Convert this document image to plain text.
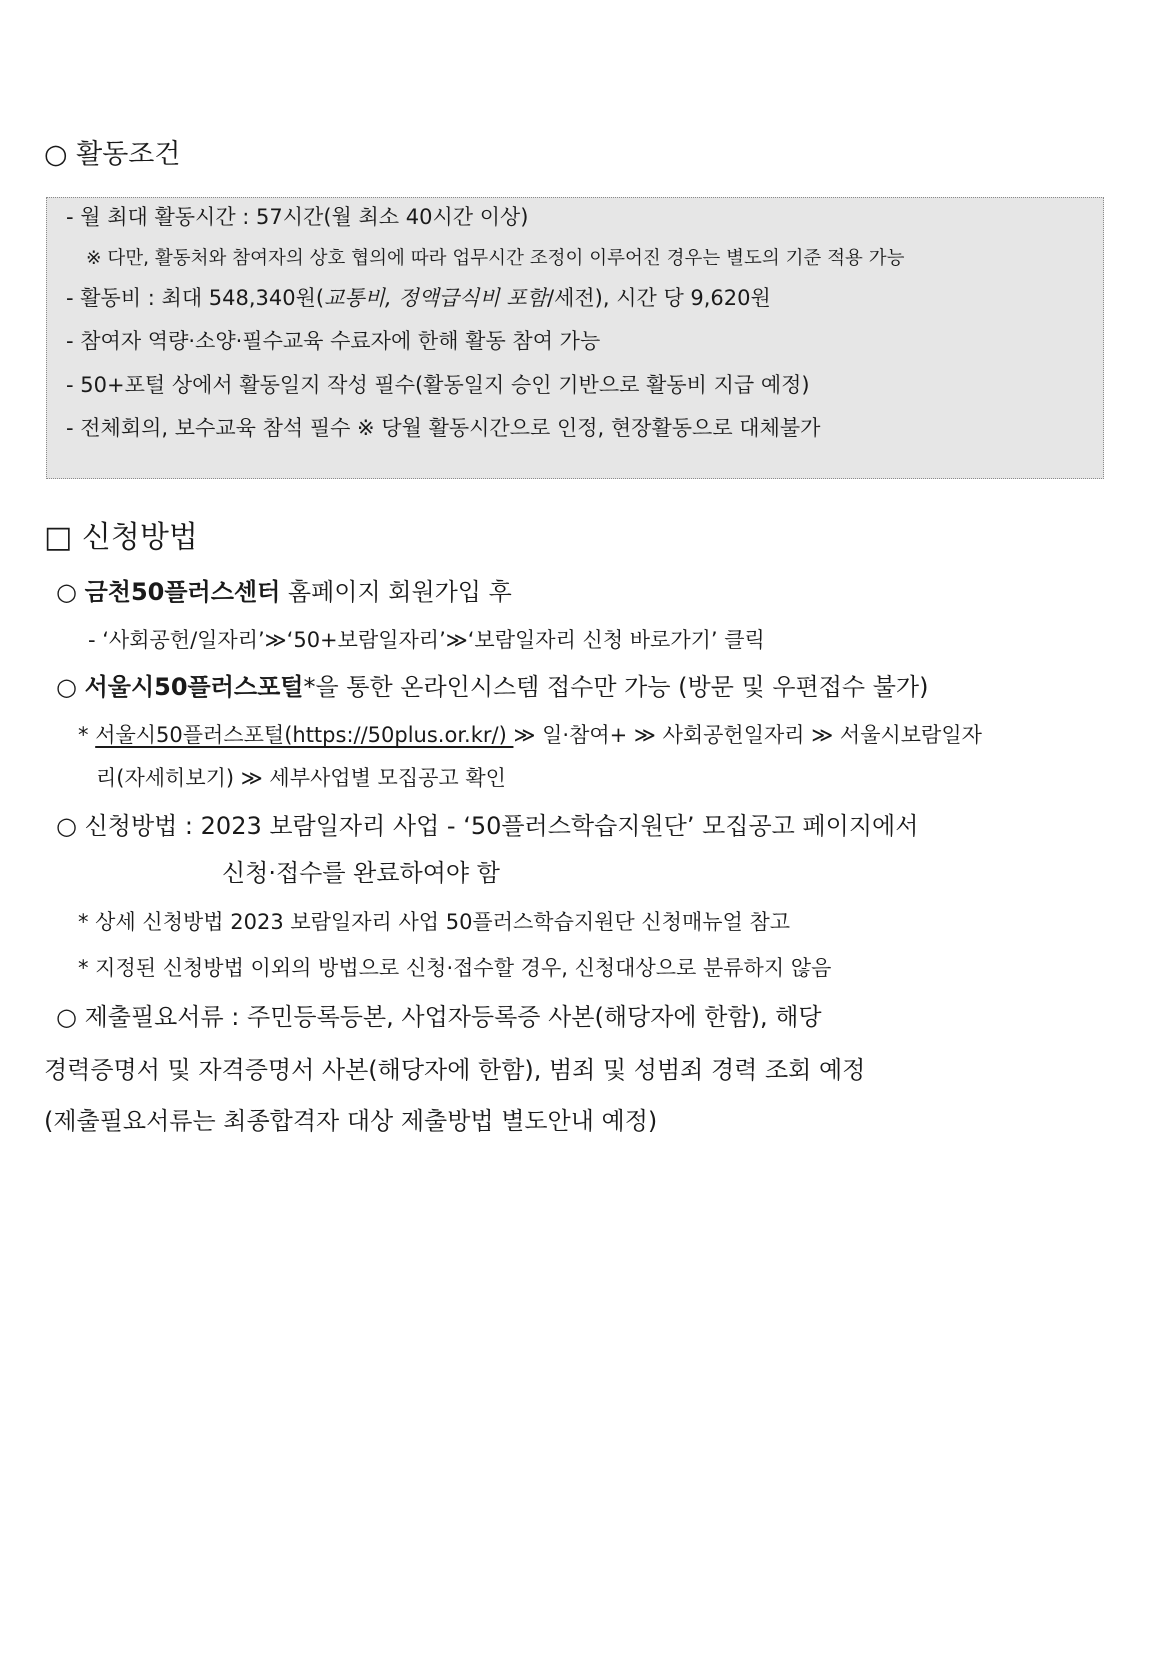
○ 활동조건
- 월 최대 활동시간 : 57시간(월 최소 40시간 이상)
※ 다만, 활동처와 참여자의 상호 협의에 따라 업무시간 조정이 이루어진 경우는 별도의 기준 적용 가능
- 활동비 : 최대 548,340원(교통비, 정액급식비 포함/세전), 시간 당 9,620원
- 참여자 역량·소양·필수교육 수료자에 한해 활동 참여 가능
- 50+포털 상에서 활동일지 작성 필수(활동일지 승인 기반으로 활동비 지급 예정)
- 전체회의, 보수교육 참석 필수 ※ 당월 활동시간으로 인정, 현장활동으로 대체불가
□ 신청방법
○ 금천50플러스센터 홈페이지 회원가입 후
- ‘사회공헌/일자리’≫‘50+보람일자리’≫‘보람일자리 신청 바로가기’ 클릭
○ 서울시50플러스포털*을 통한 온라인시스템 접수만 가능 (방문 및 우편접수 불가)
* 서울시50플러스포털(https://50plus.or.kr/) ≫ 일·참여+ ≫ 사회공헌일자리 ≫ 서울시보람일자
리(자세히보기) ≫ 세부사업별 모집공고 확인
○ 신청방법 : 2023 보람일자리 사업 - ‘50플러스학습지원단’ 모집공고 페이지에서
신청·접수를 완료하여야 함
* 상세 신청방법 2023 보람일자리 사업 50플러스학습지원단 신청매뉴얼 참고
* 지정된 신청방법 이외의 방법으로 신청·접수할 경우, 신청대상으로 분류하지 않음
○ 제출필요서류 : 주민등록등본, 사업자등록증 사본(해당자에 한함), 해당
경력증명서 및 자격증명서 사본(해당자에 한함), 범죄 및 성범죄 경력 조회 예정
(제출필요서류는 최종합격자 대상 제출방법 별도안내 예정)
